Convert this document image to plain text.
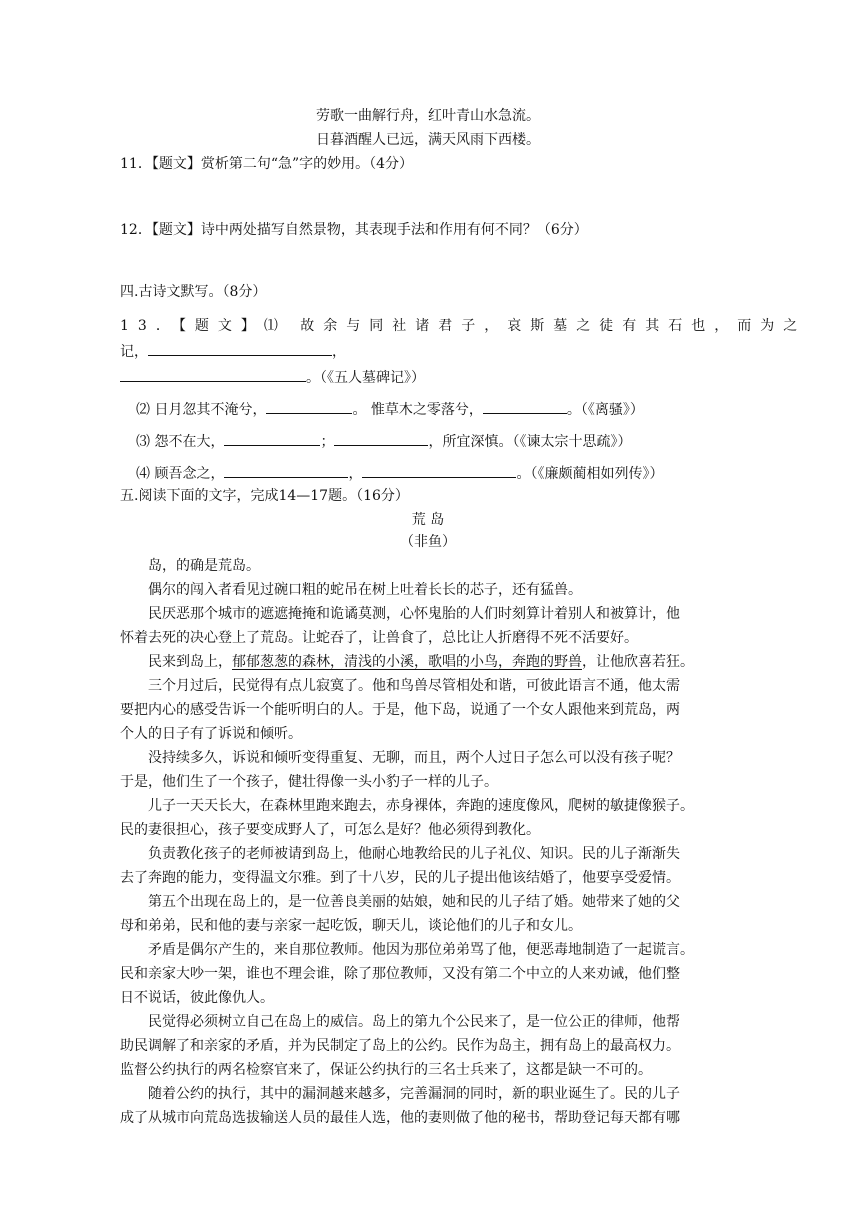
劳歌一曲解行舟，红叶青山水急流。
日暮酒醒人已远，满天风雨下西楼。
11．【题文】赏析第二句“急”字的妙用。（4分）
12．【题文】诗中两处描写自然景物，其表现手法和作用有何不同？（6分）
四.古诗文默写。（8分）
13．【题文】⑴ 故余与同社诸君子，哀斯墓之徒有其石也，而为之
记，	，
。（《五人墓碑记》）
⑵ 日月忽其不淹兮，	。 惟草木之零落兮，	。（《离骚》）
⑶ 怨不在大，	；	，所宜深慎。（《谏太宗十思疏》）
⑷ 顾吾念之，	，	。（《廉颇蔺相如列传》）
五.阅读下面的文字，完成14—17题。（16分）
荒 岛
（非鱼）
岛，的确是荒岛。
偶尔的闯入者看见过碗口粗的蛇吊在树上吐着长长的芯子，还有猛兽。
民厌恶那个城市的遮遮掩掩和诡谲莫测，心怀鬼胎的人们时刻算计着别人和被算计，他
怀着去死的决心登上了荒岛。让蛇吞了，让兽食了，总比让人折磨得不死不活要好。
民来到岛上，郁郁葱葱的森林，清浅的小溪，歌唱的小鸟，奔跑的野兽，让他欣喜若狂。
三个月过后，民觉得有点儿寂寞了。他和鸟兽尽管相处和谐，可彼此语言不通，他太需
要把内心的感受告诉一个能听明白的人。于是，他下岛，说通了一个女人跟他来到荒岛，两
个人的日子有了诉说和倾听。
没持续多久，诉说和倾听变得重复、无聊，而且，两个人过日子怎么可以没有孩子呢？
于是，他们生了一个孩子，健壮得像一头小豹子一样的儿子。
儿子一天天长大，在森林里跑来跑去，赤身裸体，奔跑的速度像风，爬树的敏捷像猴子。
民的妻很担心，孩子要变成野人了，可怎么是好？他必须得到教化。
负责教化孩子的老师被请到岛上，他耐心地教给民的儿子礼仪、知识。民的儿子渐渐失
去了奔跑的能力，变得温文尔雅。到了十八岁，民的儿子提出他该结婚了，他要享受爱情。
第五个出现在岛上的，是一位善良美丽的姑娘，她和民的儿子结了婚。她带来了她的父
母和弟弟，民和他的妻与亲家一起吃饭，聊天儿，谈论他们的儿子和女儿。
矛盾是偶尔产生的，来自那位教师。他因为那位弟弟骂了他，便恶毒地制造了一起谎言。
民和亲家大吵一架，谁也不理会谁，除了那位教师，又没有第二个中立的人来劝诫，他们整
日不说话，彼此像仇人。
民觉得必须树立自己在岛上的威信。岛上的第九个公民来了，是一位公正的律师，他帮
助民调解了和亲家的矛盾，并为民制定了岛上的公约。民作为岛主，拥有岛上的最高权力。
监督公约执行的两名检察官来了，保证公约执行的三名士兵来了，这都是缺一不可的。
随着公约的执行，其中的漏洞越来越多，完善漏洞的同时，新的职业诞生了。民的儿子
成了从城市向荒岛选拔输送人员的最佳人选，他的妻则做了他的秘书，帮助登记每天都有哪
